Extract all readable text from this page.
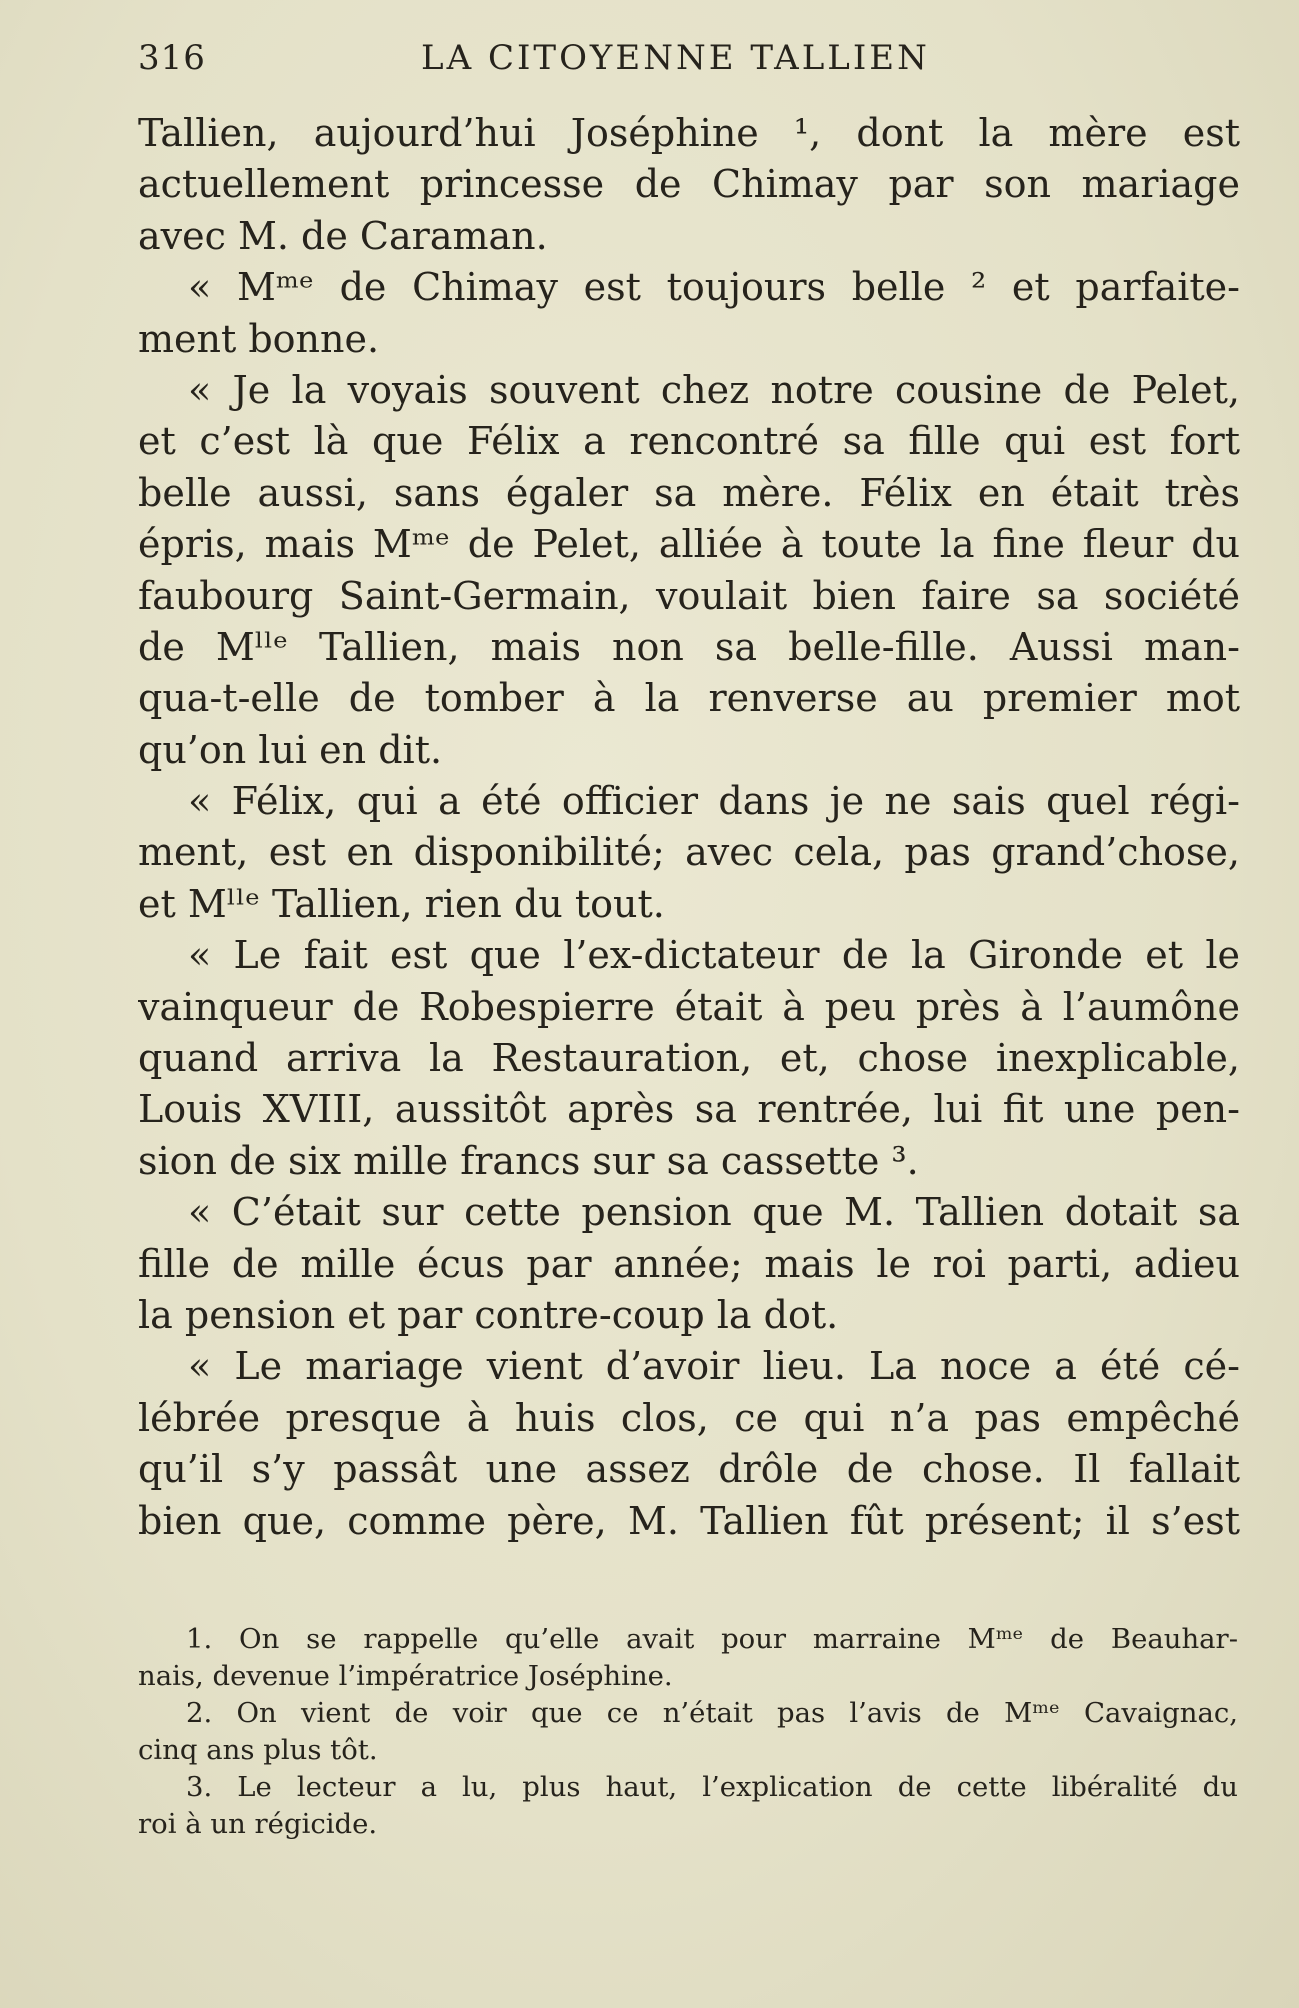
316	LA CITOYENNE TALLIEN
Tallien, aujourd’hui Joséphine ¹, dont la mère est
actuellement princesse de Chimay par son mariage
avec M. de Caraman.
« Mᵐᵉ de Chimay est toujours belle ² et parfaite-
ment bonne.
« Je la voyais souvent chez notre cousine de Pelet,
et c’est là que Félix a rencontré sa fille qui est fort
belle aussi, sans égaler sa mère. Félix en était très
épris, mais Mᵐᵉ de Pelet, alliée à toute la fine fleur du
faubourg Saint-Germain, voulait bien faire sa société
de Mˡˡᵉ Tallien, mais non sa belle-fille. Aussi man-
qua-t-elle de tomber à la renverse au premier mot
qu’on lui en dit.
« Félix, qui a été officier dans je ne sais quel régi-
ment, est en disponibilité; avec cela, pas grand’chose,
et Mˡˡᵉ Tallien, rien du tout.
« Le fait est que l’ex-dictateur de la Gironde et le
vainqueur de Robespierre était à peu près à l’aumône
quand arriva la Restauration, et, chose inexplicable,
Louis XVIII, aussitôt après sa rentrée, lui fit une pen-
sion de six mille francs sur sa cassette ³.
« C’était sur cette pension que M. Tallien dotait sa
fille de mille écus par année; mais le roi parti, adieu
la pension et par contre-coup la dot.
« Le mariage vient d’avoir lieu. La noce a été cé-
lébrée presque à huis clos, ce qui n’a pas empêché
qu’il s’y passât une assez drôle de chose. Il fallait
bien que, comme père, M. Tallien fût présent; il s’est
1. On se rappelle qu’elle avait pour marraine Mᵐᵉ de Beauhar-
nais, devenue l’impératrice Joséphine.
2. On vient de voir que ce n’était pas l’avis de Mᵐᵉ Cavaignac,
cinq ans plus tôt.
3. Le lecteur a lu, plus haut, l’explication de cette libéralité du
roi à un régicide.
